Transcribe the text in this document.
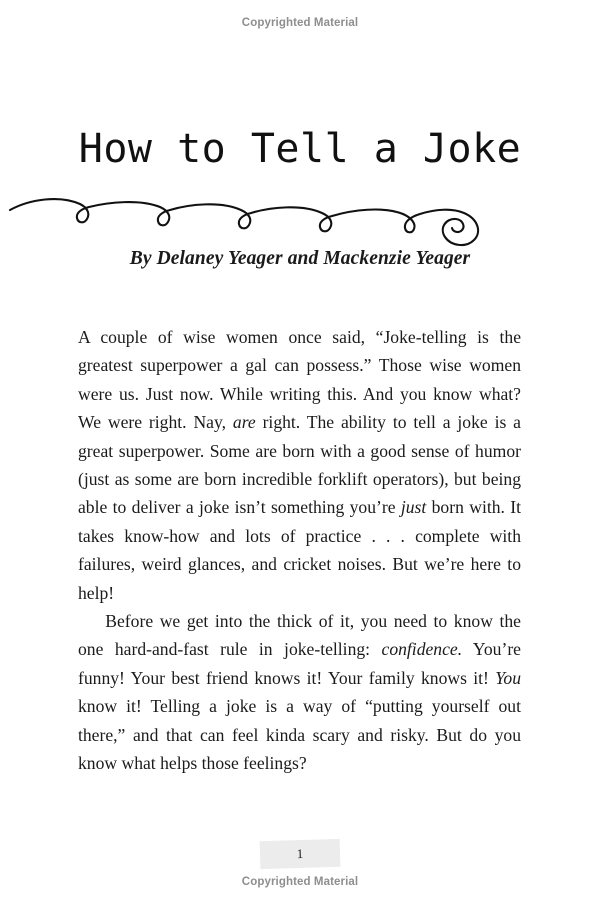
Copyrighted Material
How to Tell a Joke
By Delaney Yeager and Mackenzie Yeager

A couple of wise women once said, “Joke-telling is the greatest superpower a gal can possess.” Those wise women were us. Just now. While writing this. And you know what? We were right. Nay, are right. The ability to tell a joke is a great superpower. Some are born with a good sense of humor (just as some are born incredible forklift operators), but being able to deliver a joke isn’t something you’re just born with. It takes know-how and lots of practice . . . complete with failures, weird glances, and cricket noises. But we’re here to help!

Before we get into the thick of it, you need to know the one hard-and-fast rule in joke-telling: confidence. You’re funny! Your best friend knows it! Your family knows it! You know it! Telling a joke is a way of “putting yourself out there,” and that can feel kinda scary and risky. But do you know what helps those feelings?

1
Copyrighted Material
